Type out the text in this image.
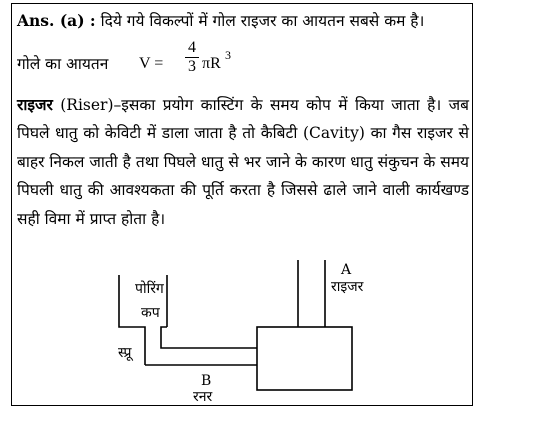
Ans. (a) : दिये गये विकल्पों में गोल राइजर का आयतन सबसे कम है।

गोले का आयतन $V = \frac{4}{3}$ πR 3

राइजर (Riser)–इसका प्रयोग कास्टिंग के समय कोप में किया जाता है। जब पिघले धातु को केविटी में डाला जाता है तो कैबिटी (Cavity) का गैस राइजर से बाहर निकल जाती है तथा पिघले धातु से भर जाने के कारण धातु संकुचन के समय पिघली धातु की आवश्यकता की पूर्ति करता है जिससे ढाले जाने वाली कार्यखण्ड सही विमा में प्राप्त होता है।

पोरिंग
कप
स्प्रू
A
राइजर
B
रनर
